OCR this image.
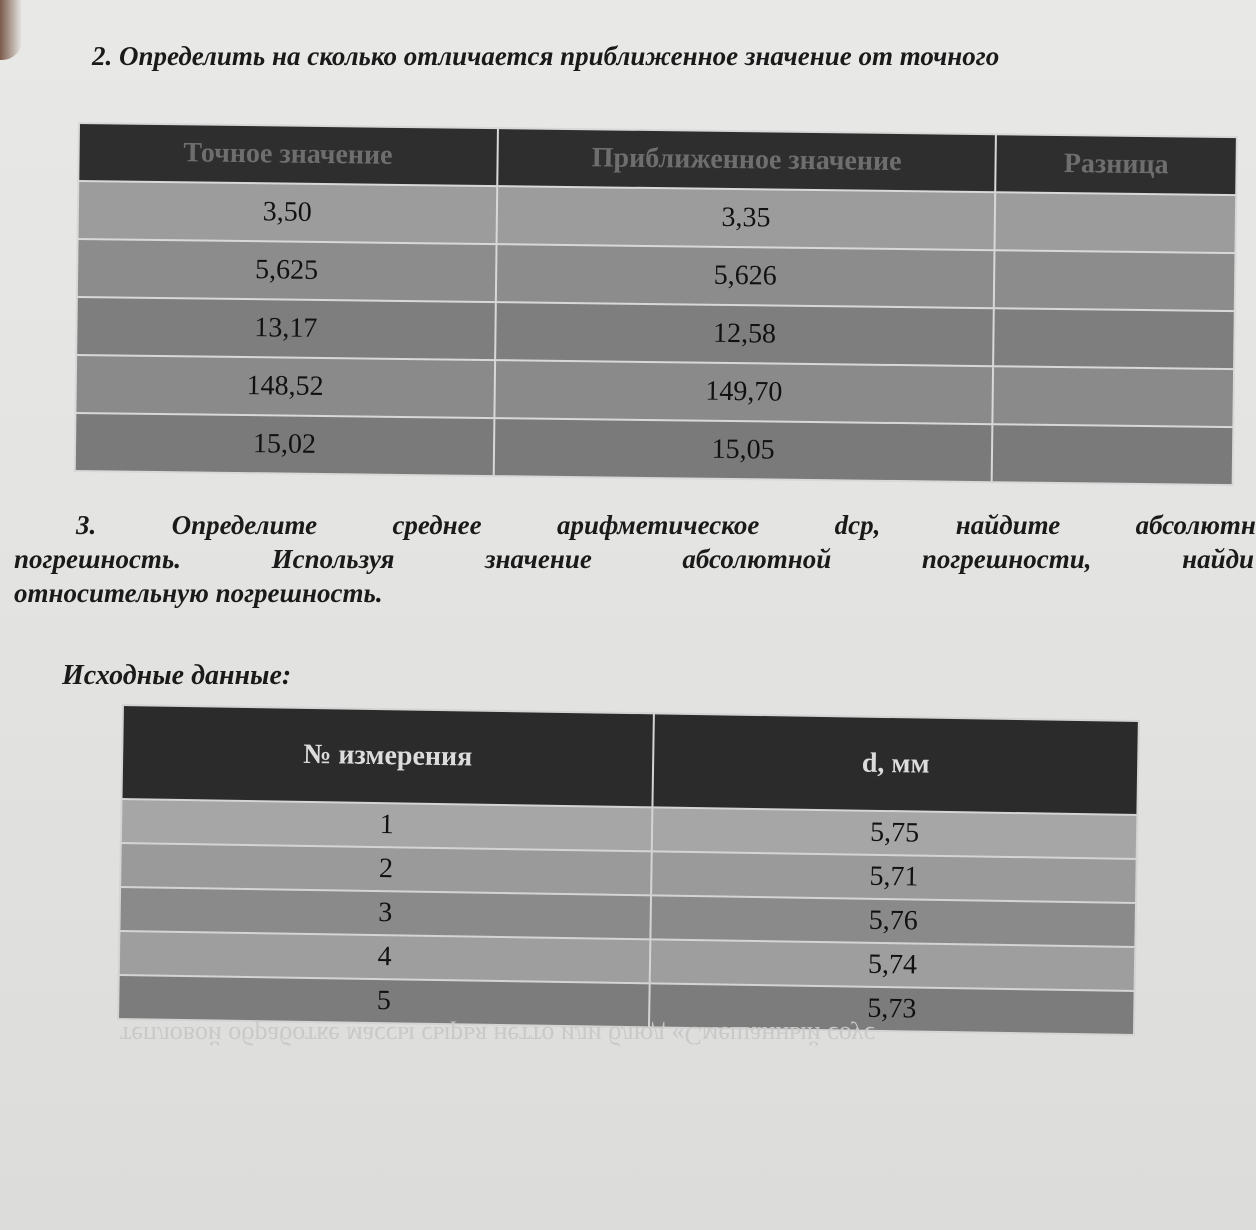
2. Определить на сколько отличается приближенное значение от точного
Точное значение	Приближенное значение	Разница
3,50	3,35	
5,625	5,626	
13,17	12,58	
148,52	149,70	
15,02	15,05	
3.	Определите	среднее	арифметическое	dср,	найдите	абсолютн
погрешность.	Используя	значение	абсолютной	погрешности,	найди
относительную погрешность.
Исходные данные:
№ измерения	d, мм
1	5,75
2	5,71
3	5,76
4	5,74
5	5,73
тепловой обработке массы сырья нетто или блюд «Смешанный соус
